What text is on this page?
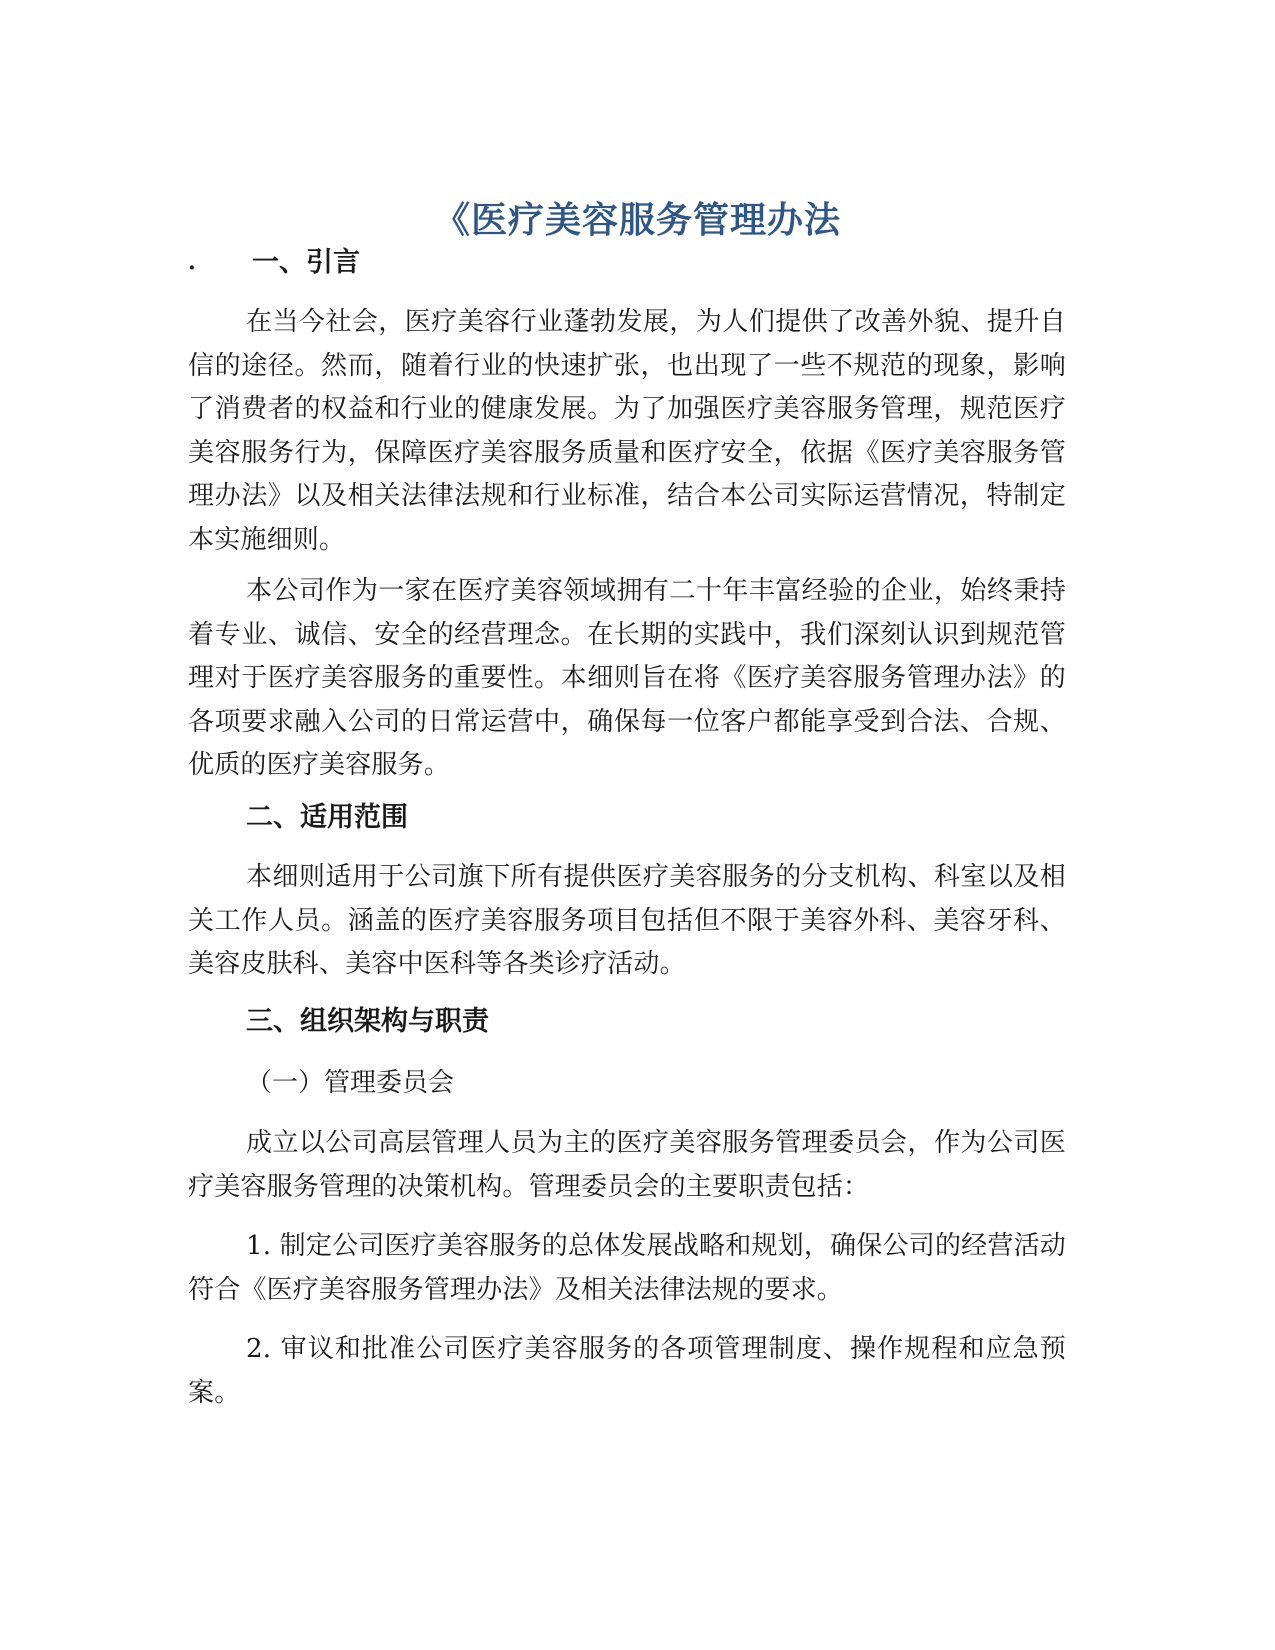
《医疗美容服务管理办法
·	一、引言

在当今社会，医疗美容行业蓬勃发展，为人们提供了改善外貌、提升自信的途径。然而，随着行业的快速扩张，也出现了一些不规范的现象，影响了消费者的权益和行业的健康发展。为了加强医疗美容服务管理，规范医疗美容服务行为，保障医疗美容服务质量和医疗安全，依据《医疗美容服务管理办法》以及相关法律法规和行业标准，结合本公司实际运营情况，特制定本实施细则。

本公司作为一家在医疗美容领域拥有二十年丰富经验的企业，始终秉持着专业、诚信、安全的经营理念。在长期的实践中，我们深刻认识到规范管理对于医疗美容服务的重要性。本细则旨在将《医疗美容服务管理办法》的各项要求融入公司的日常运营中，确保每一位客户都能享受到合法、合规、优质的医疗美容服务。

二、适用范围

本细则适用于公司旗下所有提供医疗美容服务的分支机构、科室以及相关工作人员。涵盖的医疗美容服务项目包括但不限于美容外科、美容牙科、美容皮肤科、美容中医科等各类诊疗活动。

三、组织架构与职责

（一）管理委员会

成立以公司高层管理人员为主的医疗美容服务管理委员会，作为公司医疗美容服务管理的决策机构。管理委员会的主要职责包括：

1. 制定公司医疗美容服务的总体发展战略和规划，确保公司的经营活动符合《医疗美容服务管理办法》及相关法律法规的要求。

2. 审议和批准公司医疗美容服务的各项管理制度、操作规程和应急预案。
